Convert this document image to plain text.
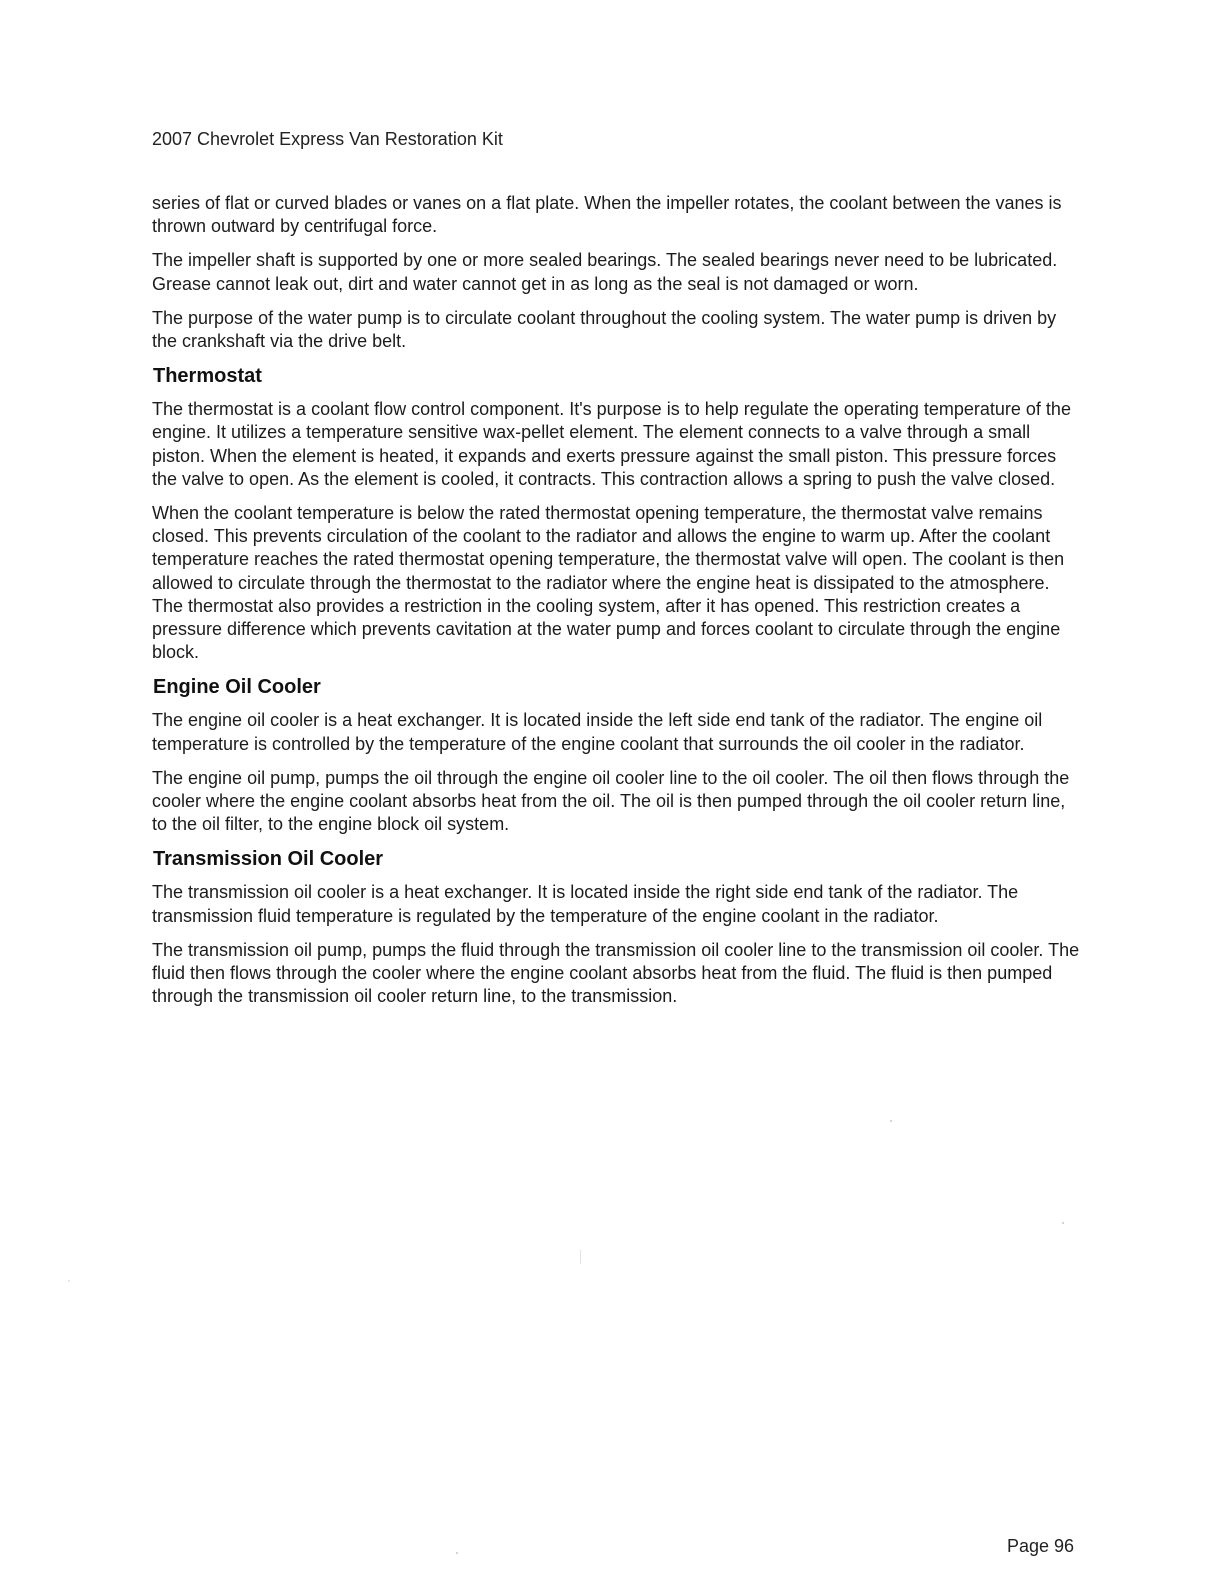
2007 Chevrolet Express Van Restoration Kit

series of flat or curved blades or vanes on a flat plate. When the impeller rotates, the coolant between the vanes is thrown outward by centrifugal force.

The impeller shaft is supported by one or more sealed bearings. The sealed bearings never need to be lubricated. Grease cannot leak out, dirt and water cannot get in as long as the seal is not damaged or worn.

The purpose of the water pump is to circulate coolant throughout the cooling system. The water pump is driven by the crankshaft via the drive belt.

Thermostat

The thermostat is a coolant flow control component. It's purpose is to help regulate the operating temperature of the engine. It utilizes a temperature sensitive wax-pellet element. The element connects to a valve through a small piston. When the element is heated, it expands and exerts pressure against the small piston. This pressure forces the valve to open. As the element is cooled, it contracts. This contraction allows a spring to push the valve closed.

When the coolant temperature is below the rated thermostat opening temperature, the thermostat valve remains closed. This prevents circulation of the coolant to the radiator and allows the engine to warm up. After the coolant temperature reaches the rated thermostat opening temperature, the thermostat valve will open. The coolant is then allowed to circulate through the thermostat to the radiator where the engine heat is dissipated to the atmosphere. The thermostat also provides a restriction in the cooling system, after it has opened. This restriction creates a pressure difference which prevents cavitation at the water pump and forces coolant to circulate through the engine block.

Engine Oil Cooler

The engine oil cooler is a heat exchanger. It is located inside the left side end tank of the radiator. The engine oil temperature is controlled by the temperature of the engine coolant that surrounds the oil cooler in the radiator.

The engine oil pump, pumps the oil through the engine oil cooler line to the oil cooler. The oil then flows through the cooler where the engine coolant absorbs heat from the oil. The oil is then pumped through the oil cooler return line, to the oil filter, to the engine block oil system.

Transmission Oil Cooler

The transmission oil cooler is a heat exchanger. It is located inside the right side end tank of the radiator. The transmission fluid temperature is regulated by the temperature of the engine coolant in the radiator.

The transmission oil pump, pumps the fluid through the transmission oil cooler line to the transmission oil cooler. The fluid then flows through the cooler where the engine coolant absorbs heat from the fluid. The fluid is then pumped through the transmission oil cooler return line, to the transmission.

Page 96
